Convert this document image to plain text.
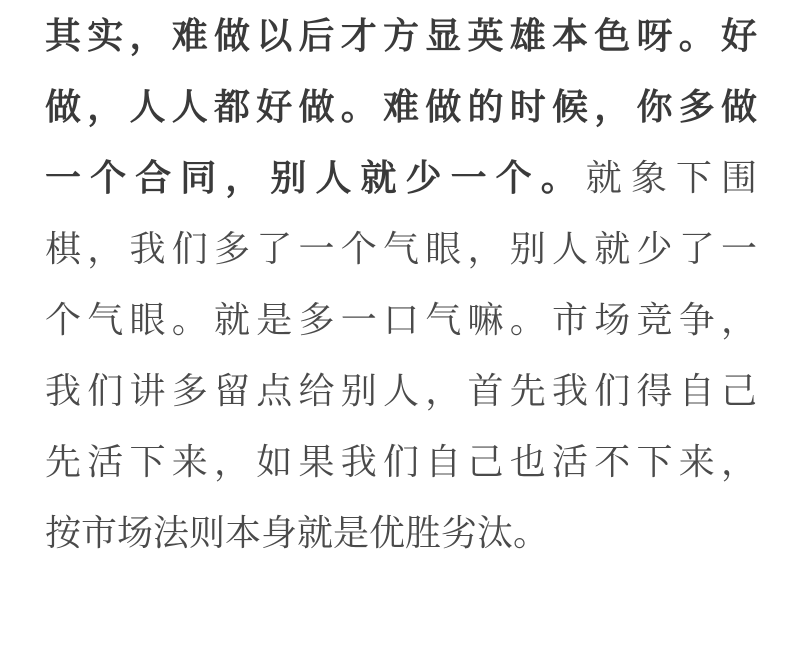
其实，难做以后才方显英雄本色呀。好
做，人人都好做。难做的时候，你多做
一个合同，别人就少一个。就象下围
棋，我们多了一个气眼，别人就少了一
个气眼。就是多一口气嘛。市场竞争，
我们讲多留点给别人，首先我们得自己
先活下来，如果我们自己也活不下来，
按市场法则本身就是优胜劣汰。
